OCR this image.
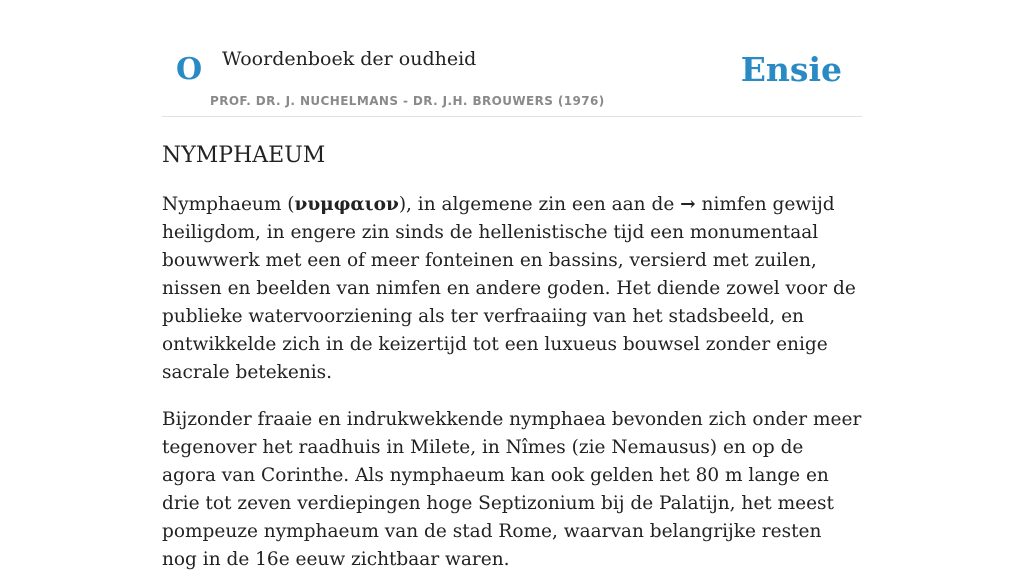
O Woordenboek der oudheid	Ensie
PROF. DR. J. NUCHELMANS - DR. J.H. BROUWERS (1976)
NYMPHAEUM

Nymphaeum (νυμφαιον), in algemene zin een aan de → nimfen gewijd heiligdom, in engere zin sinds de hellenistische tijd een monumentaal bouwwerk met een of meer fonteinen en bassins, versierd met zuilen, nissen en beelden van nimfen en andere goden. Het diende zowel voor de publieke watervoorziening als ter verfraaiing van het stadsbeeld, en ontwikkelde zich in de keizertijd tot een luxueus bouwsel zonder enige sacrale betekenis.

Bijzonder fraaie en indrukwekkende nymphaea bevonden zich onder meer tegenover het raadhuis in Milete, in Nîmes (zie Nemausus) en op de agora van Corinthe. Als nymphaeum kan ook gelden het 80 m lange en drie tot zeven verdiepingen hoge Septizonium bij de Palatijn, het meest pompeuze nymphaeum van de stad Rome, waarvan belangrijke resten nog in de 16e eeuw zichtbaar waren.
